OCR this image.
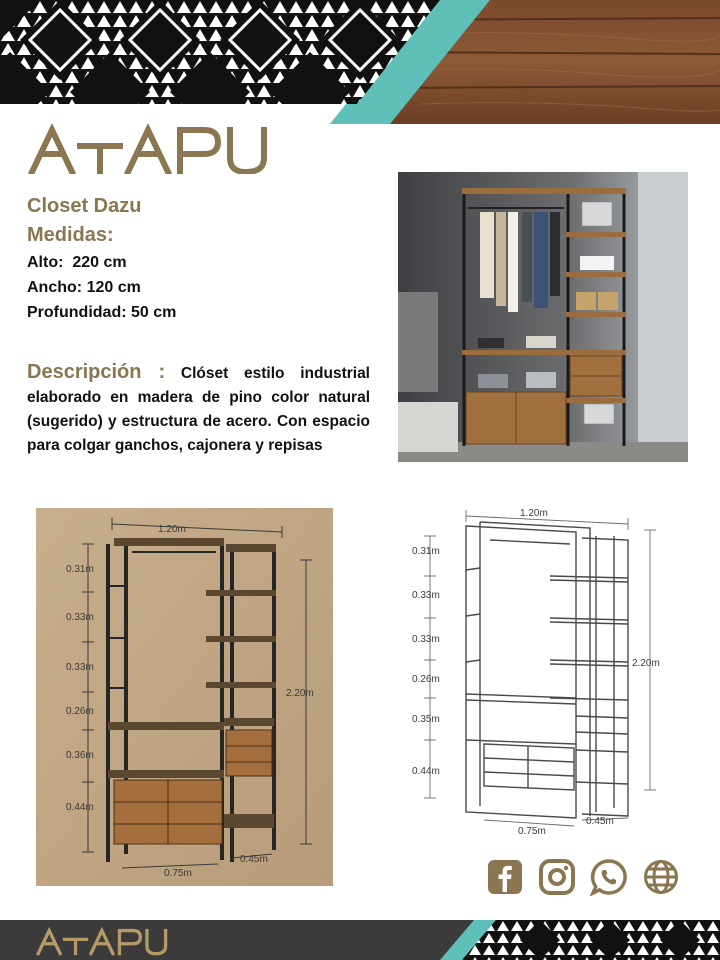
Closet Dazu
Medidas:
Alto: 220 cm
Ancho: 120 cm
Profundidad: 50 cm
Descripción : Clóset estilo industrial elaborado en madera de pino color natural (sugerido) y estructura de acero. Con espacio para colgar ganchos, cajonera y repisas
1.20m
2.20m
0.75m
0.45m
0.31m
0.33m
0.33m
0.26m
0.36m
0.44m
1.20m
2.20m
0.75m
0.45m
0.31m
0.33m
0.33m
0.26m
0.35m
0.44m
